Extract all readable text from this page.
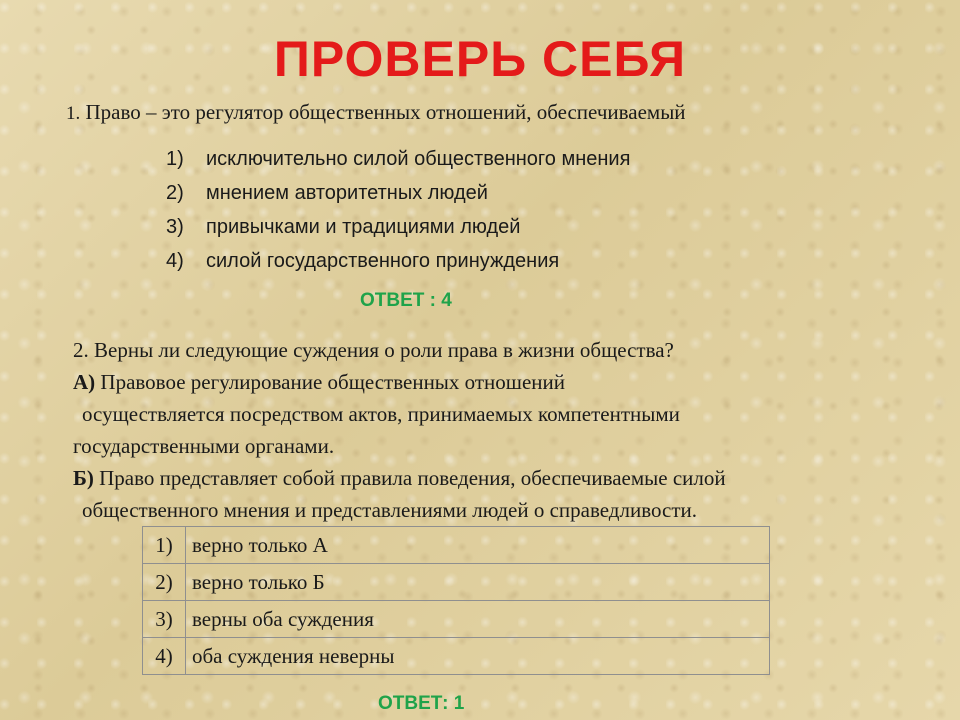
ПРОВЕРЬ СЕБЯ
1. Право – это регулятор общественных отношений, обеспечиваемый
1)	исключительно силой общественного мнения
2)	мнением авторитетных людей
3)	привычками и традициями людей
4)	силой государственного принуждения
ОТВЕТ : 4

2. Верны ли следующие суждения о роли права в жизни общества?

А) Правовое регулирование общественных отношений

осуществляется посредством актов, принимаемых компетентными

государственными органами.

Б) Право представляет собой правила поведения, обеспечиваемые силой

общественного мнения и представлениями людей о справедливости.

1)	верно только А
2)	верно только Б
3)	верны оба суждения
4)	оба суждения неверны
ОТВЕТ: 1
